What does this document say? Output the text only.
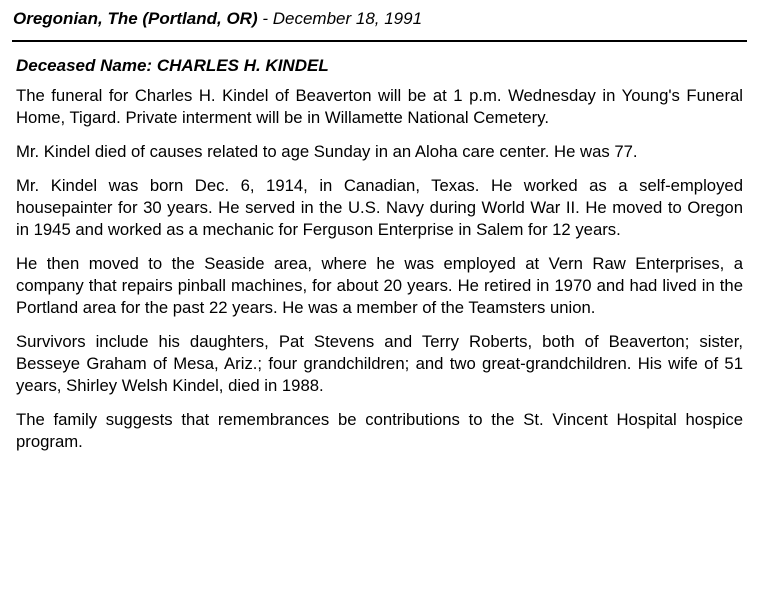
Oregonian, The (Portland, OR) - December 18, 1991
Deceased Name: CHARLES H. KINDEL

The funeral for Charles H. Kindel of Beaverton will be at 1 p.m. Wednesday in Young's Funeral Home, Tigard. Private interment will be in Willamette National Cemetery.

Mr. Kindel died of causes related to age Sunday in an Aloha care center. He was 77.

Mr. Kindel was born Dec. 6, 1914, in Canadian, Texas. He worked as a self-employed housepainter for 30 years. He served in the U.S. Navy during World War II. He moved to Oregon in 1945 and worked as a mechanic for Ferguson Enterprise in Salem for 12 years.

He then moved to the Seaside area, where he was employed at Vern Raw Enterprises, a company that repairs pinball machines, for about 20 years. He retired in 1970 and had lived in the Portland area for the past 22 years. He was a member of the Teamsters union.

Survivors include his daughters, Pat Stevens and Terry Roberts, both of Beaverton; sister, Besseye Graham of Mesa, Ariz.; four grandchildren; and two great-grandchildren. His wife of 51 years, Shirley Welsh Kindel, died in 1988.

The family suggests that remembrances be contributions to the St. Vincent Hospital hospice program.
